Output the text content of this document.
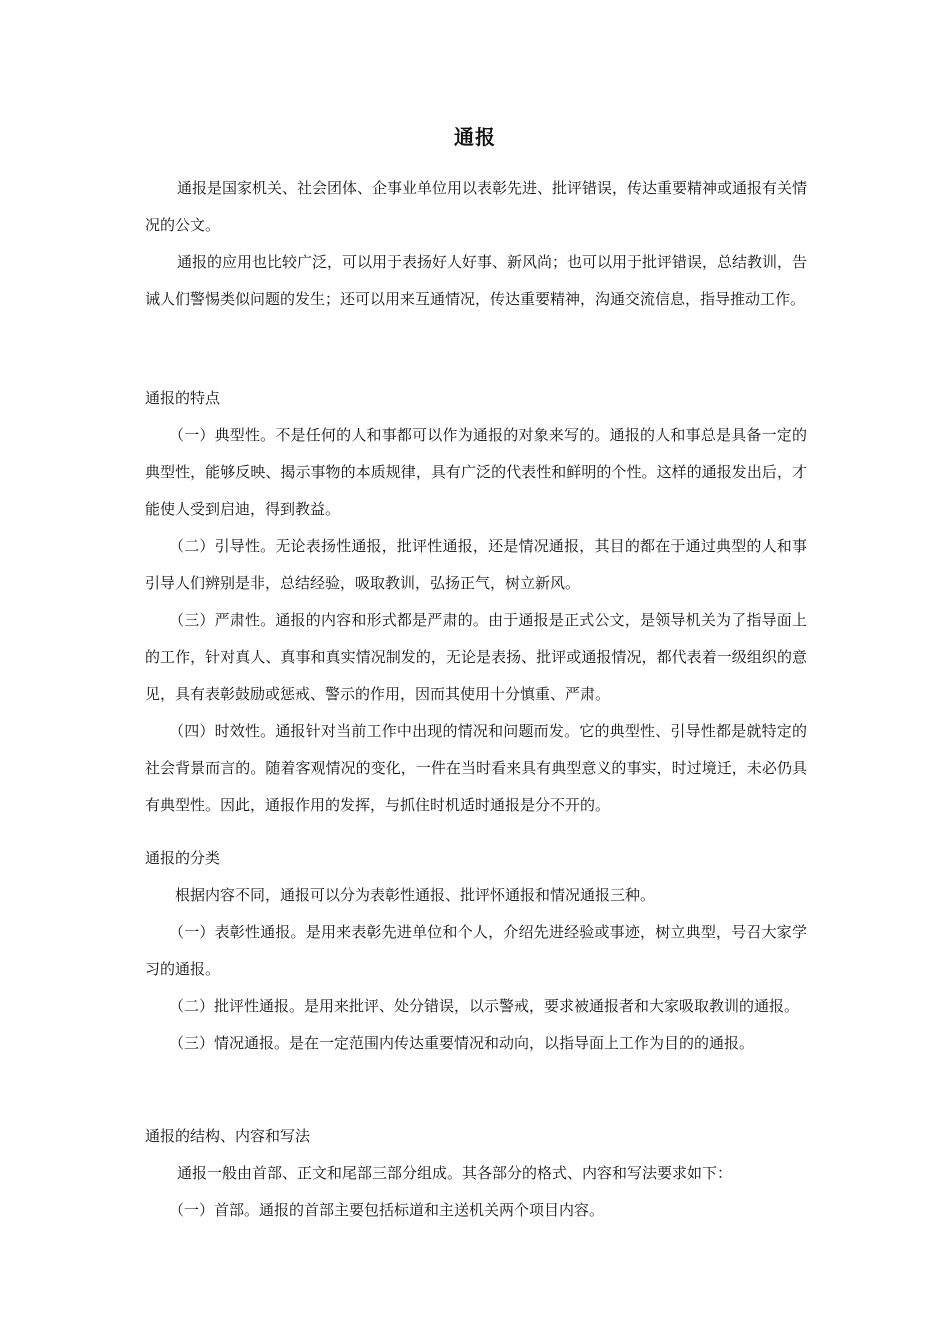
通报

通报是国家机关、社会团体、企事业单位用以表彰先进、批评错误，传达重要精神或通报有关情况的公文。

通报的应用也比较广泛，可以用于表扬好人好事、新风尚；也可以用于批评错误，总结教训，告诫人们警惕类似问题的发生；还可以用来互通情况，传达重要精神，沟通交流信息，指导推动工作。

通报的特点

（一）典型性。不是任何的人和事都可以作为通报的对象来写的。通报的人和事总是具备一定的典型性，能够反映、揭示事物的本质规律，具有广泛的代表性和鲜明的个性。这样的通报发出后，才能使人受到启迪，得到教益。

（二）引导性。无论表扬性通报，批评性通报，还是情况通报，其目的都在于通过典型的人和事引导人们辨别是非，总结经验，吸取教训，弘扬正气，树立新风。

（三）严肃性。通报的内容和形式都是严肃的。由于通报是正式公文，是领导机关为了指导面上的工作，针对真人、真事和真实情况制发的，无论是表扬、批评或通报情况，都代表着一级组织的意见，具有表彰鼓励或惩戒、警示的作用，因而其使用十分慎重、严肃。

（四）时效性。通报针对当前工作中出现的情况和问题而发。它的典型性、引导性都是就特定的社会背景而言的。随着客观情况的变化，一件在当时看来具有典型意义的事实，时过境迁，未必仍具有典型性。因此，通报作用的发挥，与抓住时机适时通报是分不开的。

通报的分类

根据内容不同，通报可以分为表彰性通报、批评怀通报和情况通报三种。

（一）表彰性通报。是用来表彰先进单位和个人，介绍先进经验或事迹，树立典型，号召大家学习的通报。

（二）批评性通报。是用来批评、处分错误，以示警戒，要求被通报者和大家吸取教训的通报。

（三）情况通报。是在一定范围内传达重要情况和动向，以指导面上工作为目的的通报。

通报的结构、内容和写法

通报一般由首部、正文和尾部三部分组成。其各部分的格式、内容和写法要求如下：

（一）首部。通报的首部主要包括标道和主送机关两个项目内容。
